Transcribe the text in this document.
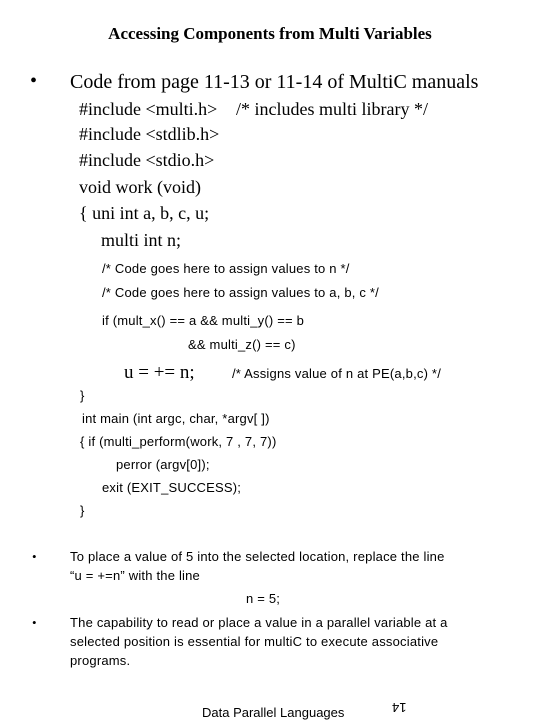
Accessing Components from Multi Variables
• Code from page 11-13 or 11-14 of MultiC manuals
#include <multi.h> /* includes multi library */
#include <stdlib.h>
#include <stdio.h>
void work (void)
{ uni int a, b, c, u;
multi int n;
/* Code goes here to assign values to n */
/* Code goes here to assign values to a, b, c */
if (mult_x() == a && multi_y() == b
&& multi_z() == c)
u = += n;	/* Assigns value of n at PE(a,b,c) */
}
int main (int argc, char, *argv[ ])
{ if (multi_perform(work, 7 , 7, 7))
perror (argv[0]);
exit (EXIT_SUCCESS);
}
•	To place a value of 5 into the selected location, replace the line
“u = +=n” with the line
n = 5;
•	The capability to read or place a value in a parallel variable at a
selected position is essential for multiC to execute associative
programs.
Data Parallel Languages	14
